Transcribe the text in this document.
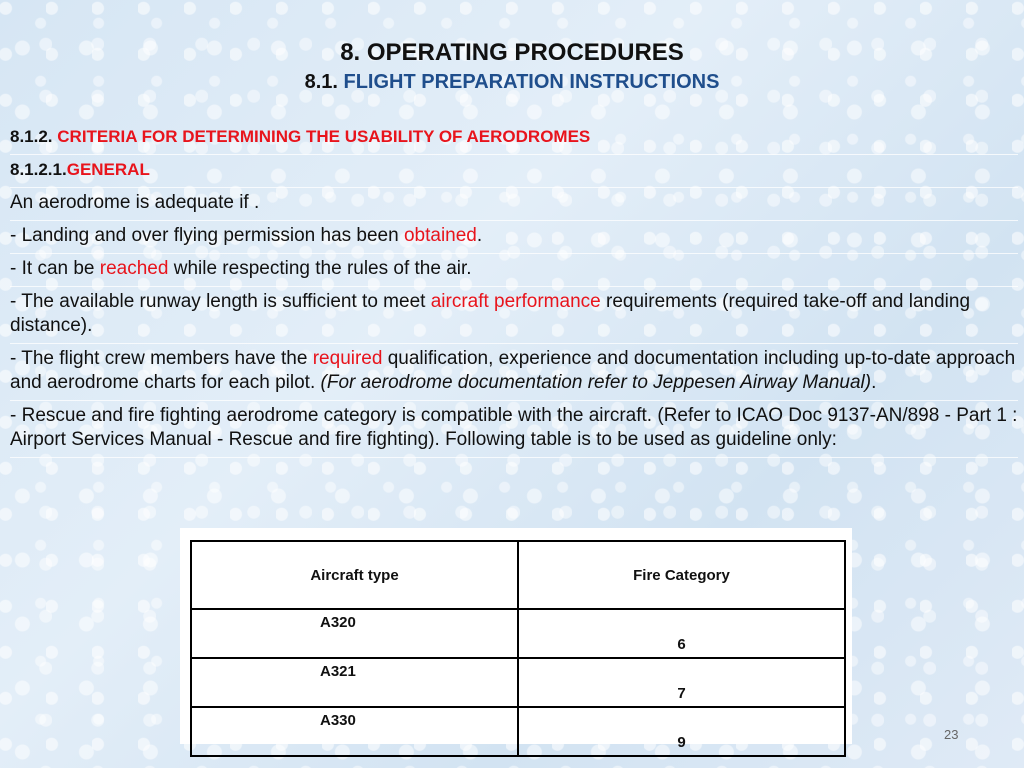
8. OPERATING PROCEDURES
8.1. FLIGHT PREPARATION INSTRUCTIONS
8.1.2. CRITERIA FOR DETERMINING THE USABILITY OF AERODROMES
8.1.2.1.GENERAL
An aerodrome is adequate if .
- Landing and over flying permission has been obtained.
- It can be reached while respecting the rules of the air.
- The available runway length is sufficient to meet aircraft performance requirements (required take-off and landing distance).
- The flight crew members have the required qualification, experience and documentation including up-to-date approach and aerodrome charts for each pilot. (For aerodrome documentation refer to Jeppesen Airway Manual).
- Rescue and fire fighting aerodrome category is compatible with the aircraft. (Refer to ICAO Doc 9137-AN/898 - Part 1 : Airport Services Manual - Rescue and fire fighting). Following table is to be used as guideline only:
Aircraft type	Fire Category
A320	6
A321	7
A330	9	23
